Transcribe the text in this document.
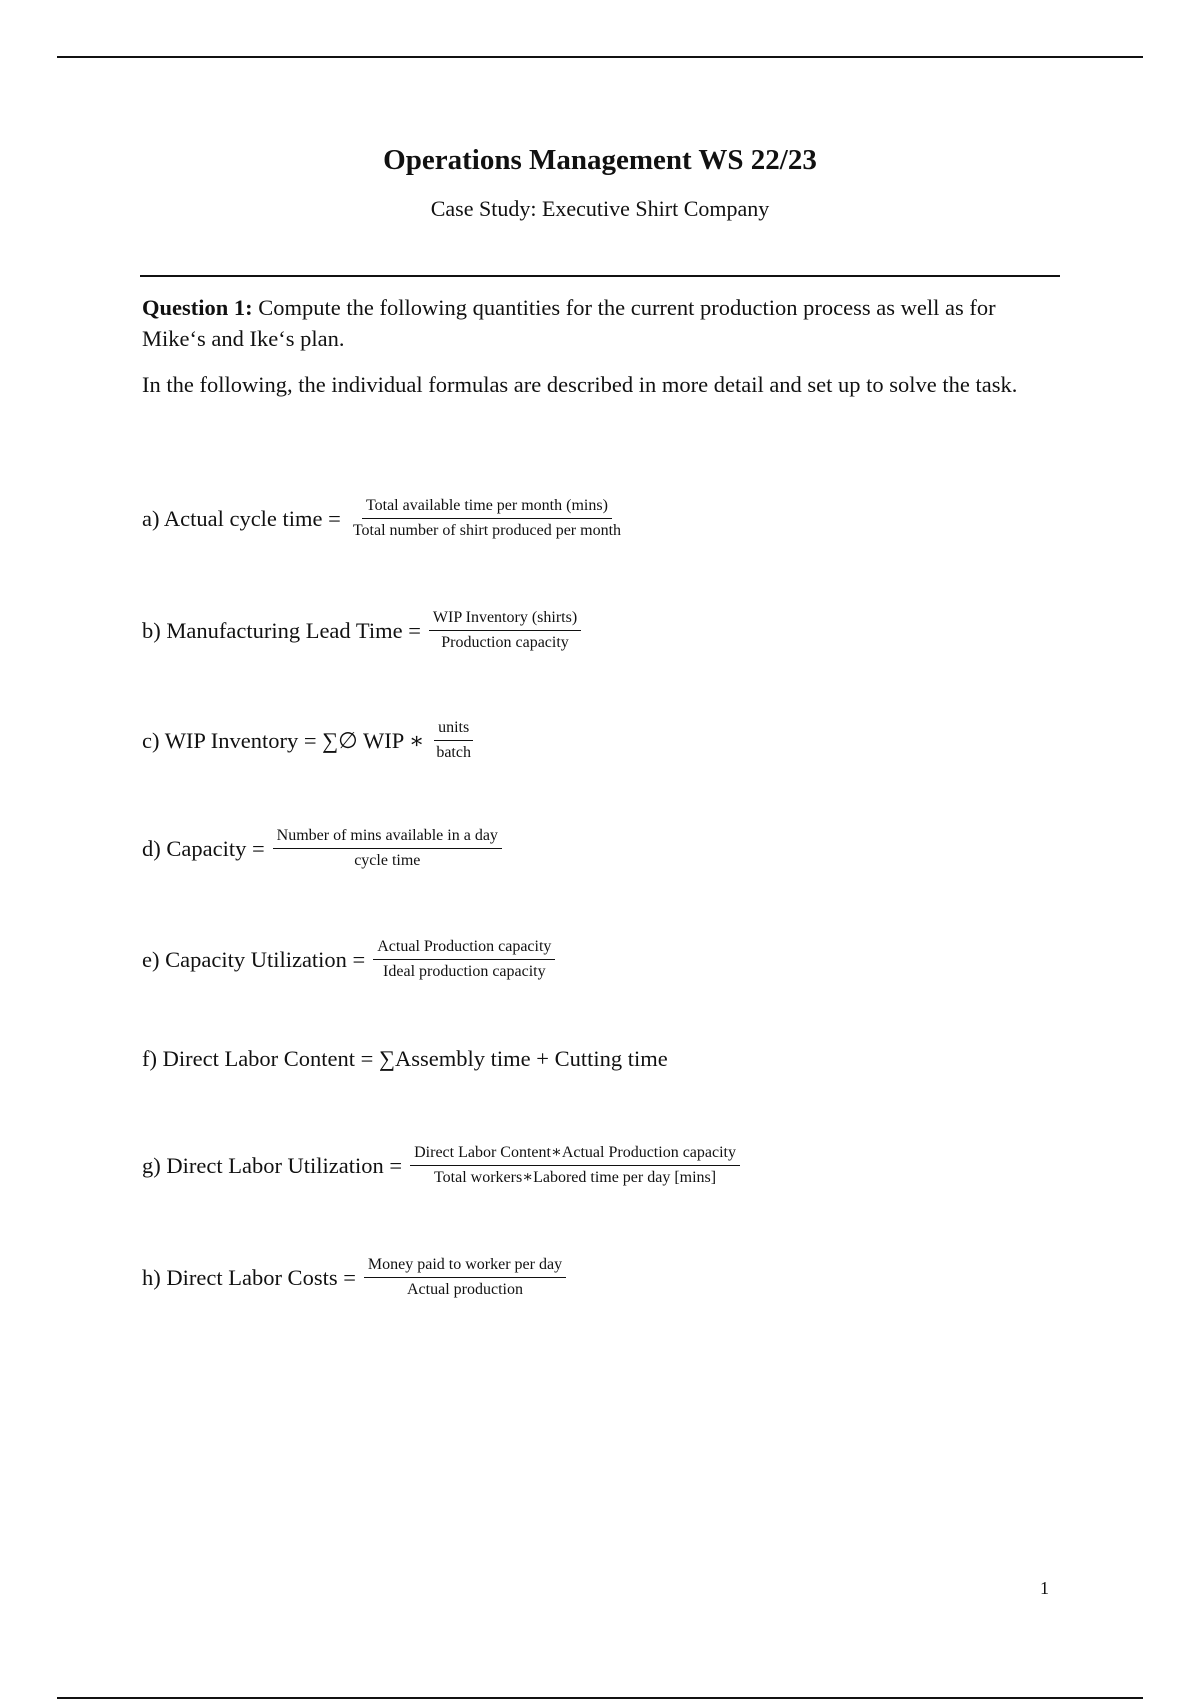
Operations Management WS 22/23
Case Study: Executive Shirt Company
Question 1: Compute the following quantities for the current production process as well as for Mike‘s and Ike‘s plan.
In the following, the individual formulas are described in more detail and set up to solve the task.
a) Actual cycle time = $\frac{\text{Total available time per month (mins)}}{\text{Total number of shirt produced per month}}$
b) Manufacturing Lead Time = $\frac{\text{WIP Inventory (shirts)}}{\text{Production capacity}}$
c) WIP Inventory = ∑∅ WIP ∗ $\frac{\text{units}}{\text{batch}}$
d) Capacity = $\frac{\text{Number of mins available in a day}}{\text{cycle time}}$
e) Capacity Utilization = $\frac{\text{Actual Production capacity}}{\text{Ideal production capacity}}$
f) Direct Labor Content = ∑Assembly time + Cutting time
g) Direct Labor Utilization = $\frac{\text{Direct Labor Content∗Actual Production capacity}}{\text{Total workers∗Labored time per day [mins]}}$
h) Direct Labor Costs = $\frac{\text{Money paid to worker per day}}{\text{Actual production}}$
1
